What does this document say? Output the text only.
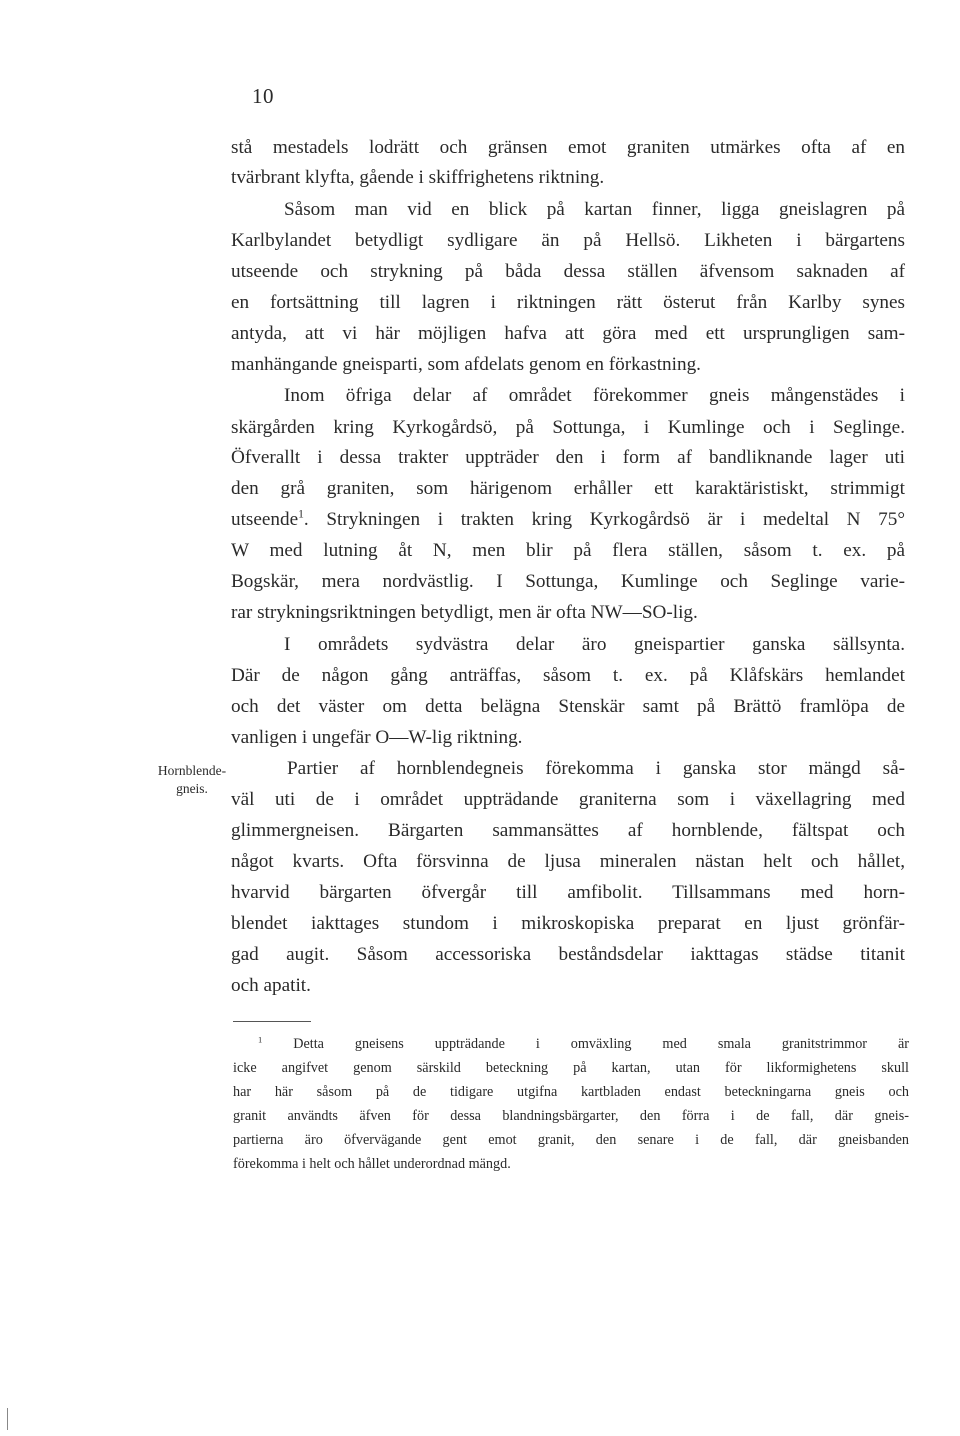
10
Hornblende-
gneis.
stå mestadels lodrätt och gränsen emot graniten utmärkes ofta af en
tvärbrant klyfta, gående i skiffrighetens riktning.
Såsom man vid en blick på kartan finner, ligga gneislagren på
Karlbylandet betydligt sydligare än på Hellsö. Likheten i bärgartens
utseende och strykning på båda dessa ställen äfvensom saknaden af
en fortsättning till lagren i riktningen rätt österut från Karlby synes
antyda, att vi här möjligen hafva att göra med ett ursprungligen sam-
manhängande gneisparti, som afdelats genom en förkastning.
Inom öfriga delar af området förekommer gneis mångenstädes i
skärgården kring Kyrkogårdsö, på Sottunga, i Kumlinge och i Seglinge.
Öfverallt i dessa trakter uppträder den i form af bandliknande lager uti
den grå graniten, som härigenom erhåller ett karaktäristiskt, strimmigt
utseende$^1$. Strykningen i trakten kring Kyrkogårdsö är i medeltal N 75°
W med lutning åt N, men blir på flera ställen, såsom t. ex. på
Bogskär, mera nordvästlig. I Sottunga, Kumlinge och Seglinge varie-
rar strykningsriktningen betydligt, men är ofta NW—SO-lig.
I områdets sydvästra delar äro gneispartier ganska sällsynta.
Där de någon gång anträffas, såsom t. ex. på Klåfskärs hemlandet
och det väster om detta belägna Stenskär samt på Brättö framlöpa de
vanligen i ungefär O—W-lig riktning.
Partier af hornblendegneis förekomma i ganska stor mängd så-
väl uti de i området uppträdande graniterna som i växellagring med
glimmergneisen. Bärgarten sammansättes af hornblende, fältspat och
något kvarts. Ofta försvinna de ljusa mineralen nästan helt och hållet,
hvarvid bärgarten öfvergår till amfibolit. Tillsammans med horn-
blendet iakttages stundom i mikroskopiska preparat en ljust grönfär-
gad augit. Såsom accessoriska beståndsdelar iakttagas städse titanit
och apatit.
$^1$ Detta gneisens uppträdande i omväxling med smala granitstrimmor är
icke angifvet genom särskild beteckning på kartan, utan för likformighetens skull
har här såsom på de tidigare utgifna kartbladen endast beteckningarna gneis och
granit användts äfven för dessa blandningsbärgarter, den förra i de fall, där gneis-
partierna äro öfvervägande gent emot granit, den senare i de fall, där gneisbanden
förekomma i helt och hållet underordnad mängd.
